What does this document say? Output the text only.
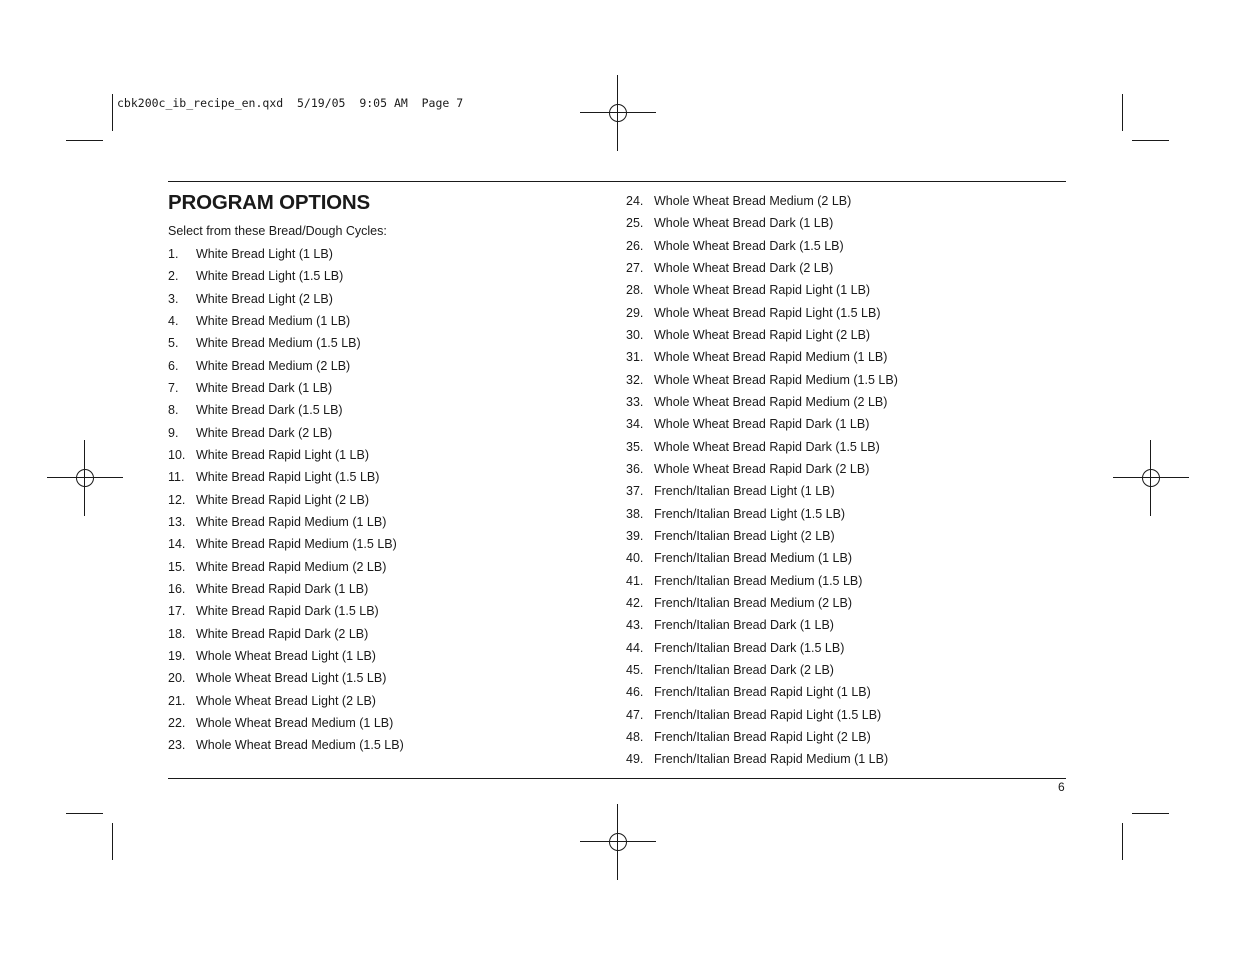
cbk200c_ib_recipe_en.qxd  5/19/05  9:05 AM  Page 7
PROGRAM OPTIONS

Select from these Bread/Dough Cycles:

1.	White Bread Light (1 LB)
2.	White Bread Light (1.5 LB)
3.	White Bread Light (2 LB)
4.	White Bread Medium (1 LB)
5.	White Bread Medium (1.5 LB)
6.	White Bread Medium (2 LB)
7.	White Bread Dark (1 LB)
8.	White Bread Dark (1.5 LB)
9.	White Bread Dark (2 LB)
10. White Bread Rapid Light (1 LB)
11. White Bread Rapid Light (1.5 LB)
12. White Bread Rapid Light (2 LB)
13. White Bread Rapid Medium (1 LB)
14. White Bread Rapid Medium (1.5 LB)
15. White Bread Rapid Medium (2 LB)
16. White Bread Rapid Dark (1 LB)
17. White Bread Rapid Dark (1.5 LB)
18. White Bread Rapid Dark (2 LB)
19. Whole Wheat Bread Light (1 LB)
20. Whole Wheat Bread Light (1.5 LB)
21. Whole Wheat Bread Light (2 LB)
22. Whole Wheat Bread Medium (1 LB)
23. Whole Wheat Bread Medium (1.5 LB)
24. Whole Wheat Bread Medium (2 LB)
25. Whole Wheat Bread Dark (1 LB)
26. Whole Wheat Bread Dark (1.5 LB)
27. Whole Wheat Bread Dark (2 LB)
28. Whole Wheat Bread Rapid Light (1 LB)
29. Whole Wheat Bread Rapid Light (1.5 LB)
30. Whole Wheat Bread Rapid Light (2 LB)
31. Whole Wheat Bread Rapid Medium (1 LB)
32. Whole Wheat Bread Rapid Medium (1.5 LB)
33. Whole Wheat Bread Rapid Medium (2 LB)
34. Whole Wheat Bread Rapid Dark (1 LB)
35. Whole Wheat Bread Rapid Dark (1.5 LB)
36. Whole Wheat Bread Rapid Dark (2 LB)
37. French/Italian Bread Light (1 LB)
38. French/Italian Bread Light (1.5 LB)
39. French/Italian Bread Light (2 LB)
40. French/Italian Bread Medium (1 LB)
41. French/Italian Bread Medium (1.5 LB)
42. French/Italian Bread Medium (2 LB)
43. French/Italian Bread Dark (1 LB)
44. French/Italian Bread Dark (1.5 LB)
45. French/Italian Bread Dark (2 LB)
46. French/Italian Bread Rapid Light (1 LB)
47. French/Italian Bread Rapid Light (1.5 LB)
48. French/Italian Bread Rapid Light (2 LB)
49. French/Italian Bread Rapid Medium (1 LB)
6
